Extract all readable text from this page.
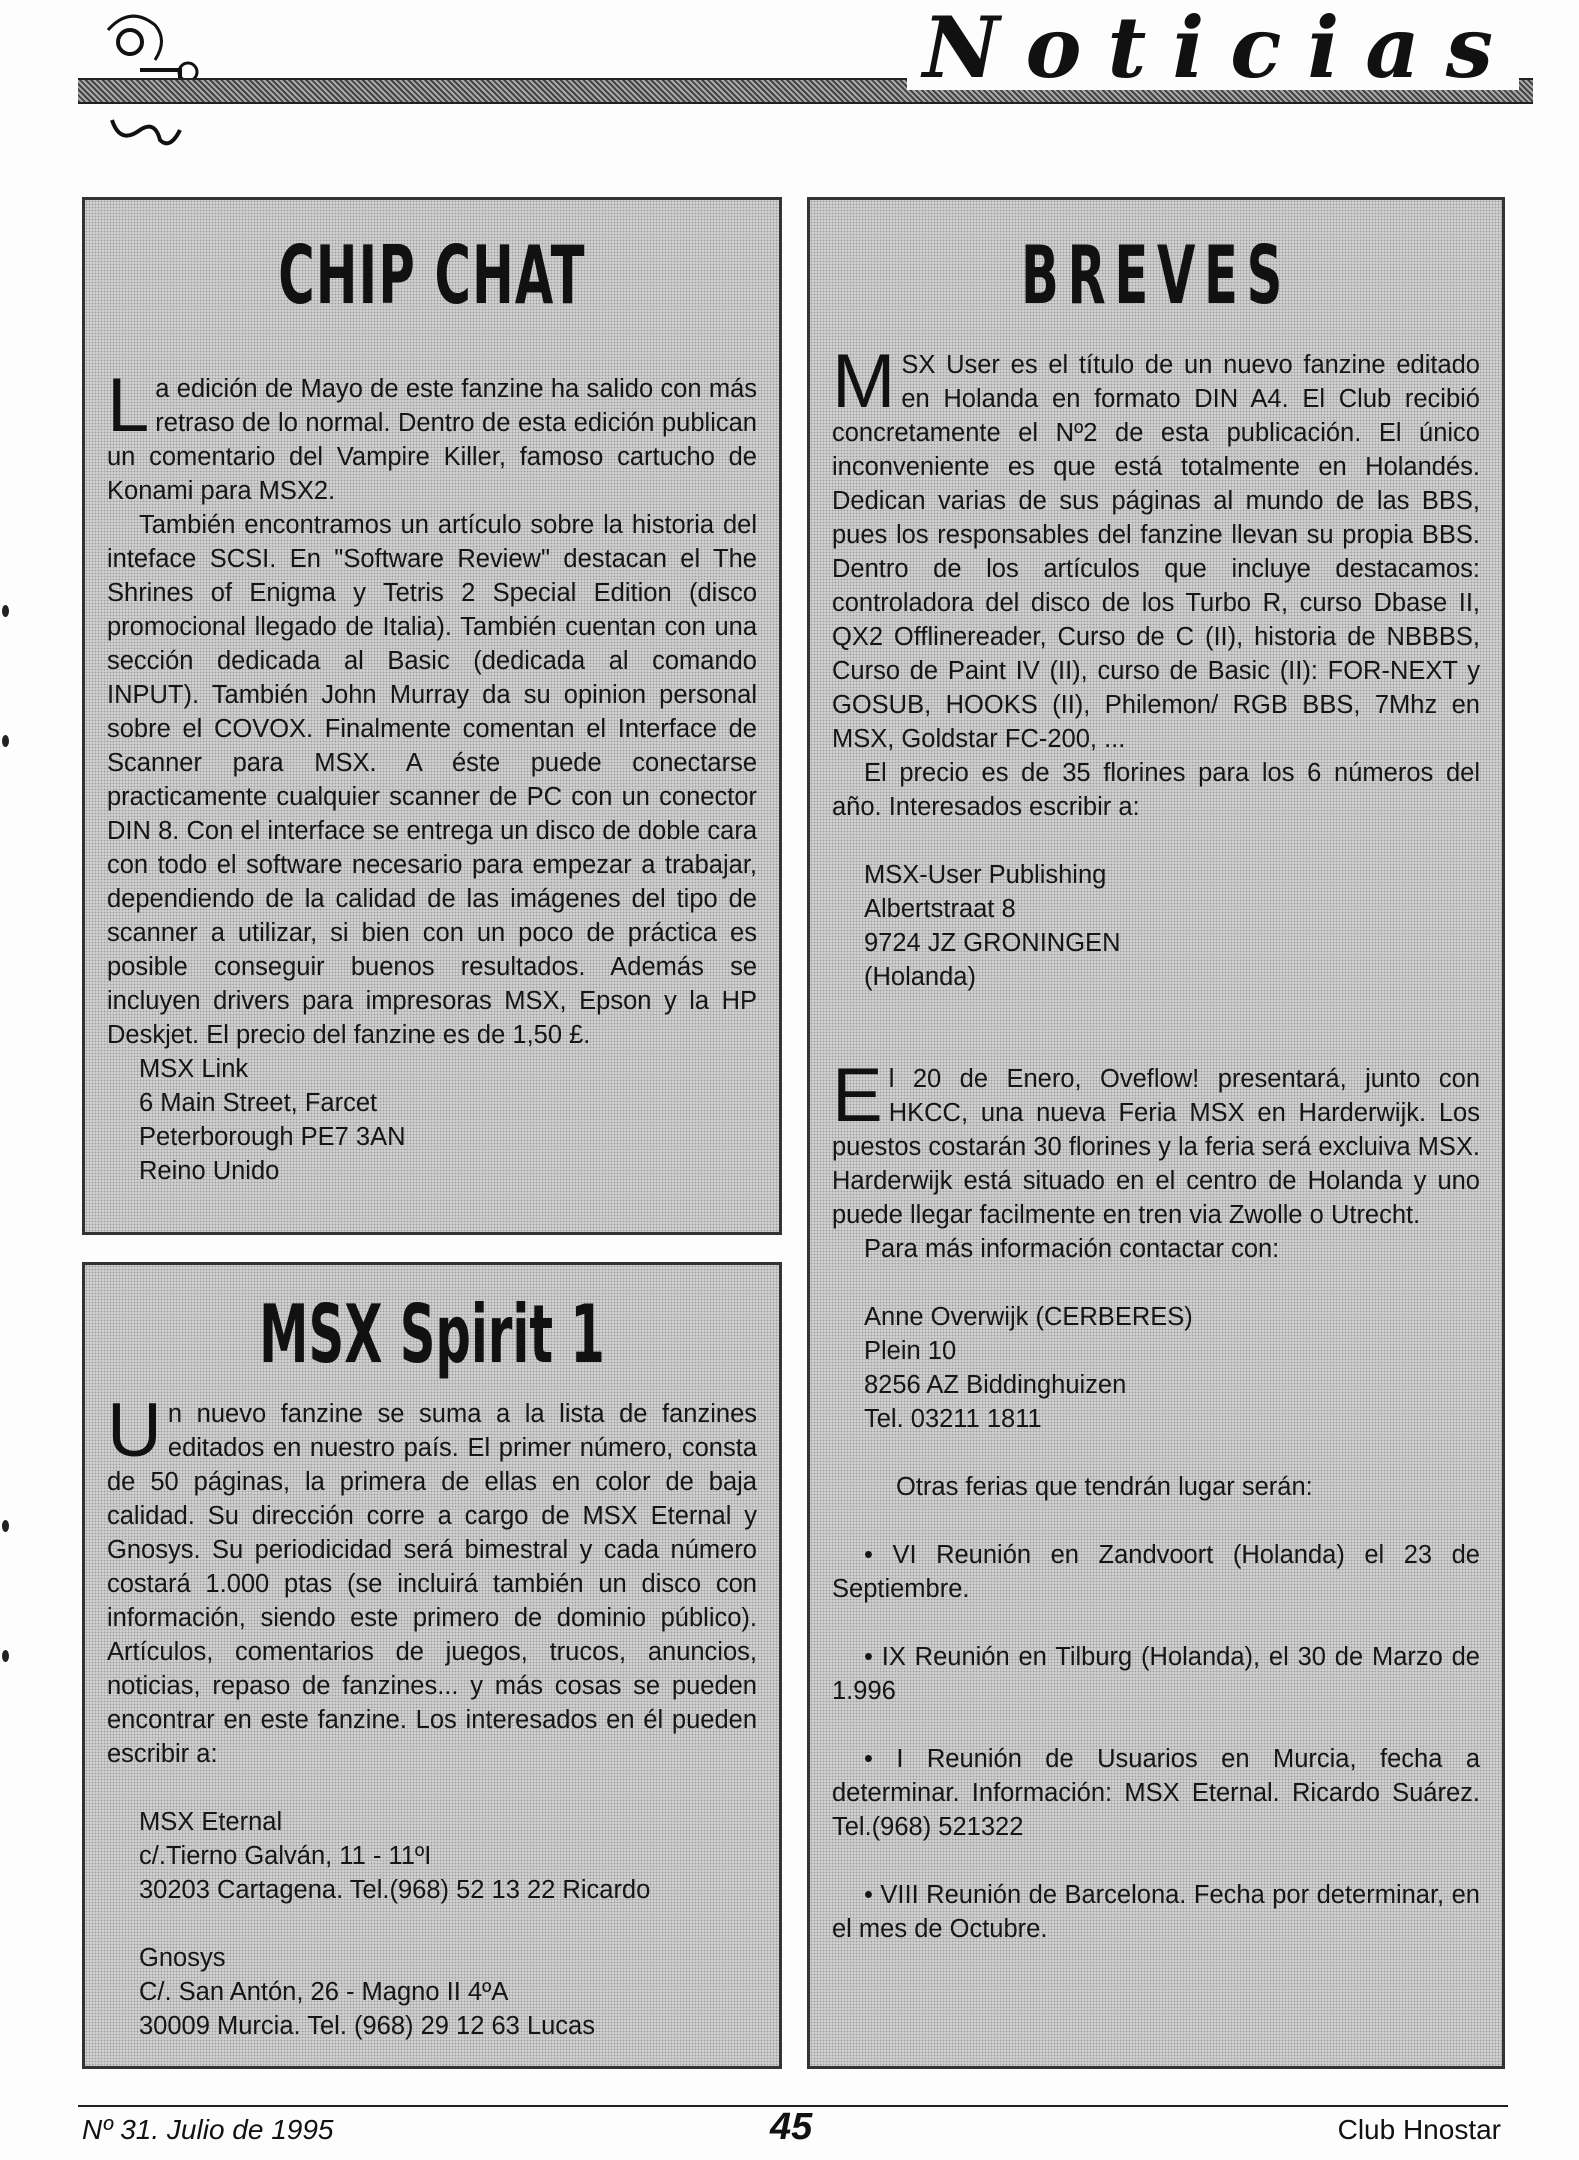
Noticias
CHIP CHAT

La edición de Mayo de este fanzine ha salido con más retraso de lo normal. Dentro de esta edición publican un comentario del Vampire Killer, famoso cartucho de Konami para MSX2.

También encontramos un artículo sobre la historia del inteface SCSI. En "Software Review" destacan el The Shrines of Enigma y Tetris 2 Special Edition (disco promocional llegado de Italia). También cuentan con una sección dedicada al Basic (dedicada al comando INPUT). También John Murray da su opinion personal sobre el COVOX. Finalmente comentan el Interface de Scanner para MSX. A éste puede conectarse practicamente cualquier scanner de PC con un conector DIN 8. Con el interface se entrega un disco de doble cara con todo el software necesario para empezar a trabajar, dependiendo de la calidad de las imágenes del tipo de scanner a utilizar, si bien con un poco de práctica es posible conseguir buenos resultados. Además se incluyen drivers para impresoras MSX, Epson y la HP Deskjet. El precio del fanzine es de 1,50 £.

MSX Link

6 Main Street, Farcet

Peterborough PE7 3AN

Reino Unido

MSX Spirit 1

Un nuevo fanzine se suma a la lista de fanzines editados en nuestro país. El primer número, consta de 50 páginas, la primera de ellas en color de baja calidad. Su dirección corre a cargo de MSX Eternal y Gnosys. Su periodicidad será bimestral y cada número costará 1.000 ptas (se incluirá también un disco con información, siendo este primero de dominio público). Artículos, comentarios de juegos, trucos, anuncios, noticias, repaso de fanzines... y más cosas se pueden encontrar en este fanzine. Los interesados en él pueden escribir a:

MSX Eternal

c/.Tierno Galván, 11 - 11ºI

30203 Cartagena. Tel.(968) 52 13 22 Ricardo

Gnosys

C/. San Antón, 26 - Magno II 4ºA

30009 Murcia. Tel. (968) 29 12 63 Lucas

BREVES

MSX User es el título de un nuevo fanzine editado en Holanda en formato DIN A4. El Club recibió concretamente el Nº2 de esta publicación. El único inconveniente es que está totalmente en Holandés. Dedican varias de sus páginas al mundo de las BBS, pues los responsables del fanzine llevan su propia BBS. Dentro de los artículos que incluye destacamos: controladora del disco de los Turbo R, curso Dbase II, QX2 Offlinereader, Curso de C (II), historia de NBBBS, Curso de Paint IV (II), curso de Basic (II): FOR-NEXT y GOSUB, HOOKS (II), Philemon/ RGB BBS, 7Mhz en MSX, Goldstar FC-200, ...

El precio es de 35 florines para los 6 números del año. Interesados escribir a:

MSX-User Publishing

Albertstraat 8

9724 JZ GRONINGEN

(Holanda)

El 20 de Enero, Oveflow! presentará, junto con HKCC, una nueva Feria MSX en Harderwijk. Los puestos costarán 30 florines y la feria será excluiva MSX. Harderwijk está situado en el centro de Holanda y uno puede llegar facilmente en tren via Zwolle o Utrecht.

Para más información contactar con:

Anne Overwijk (CERBERES)

Plein 10

8256 AZ Biddinghuizen

Tel. 03211 1811

Otras ferias que tendrán lugar serán:

• VI Reunión en Zandvoort (Holanda) el 23 de Septiembre.

• IX Reunión en Tilburg (Holanda), el 30 de Marzo de 1.996

• I Reunión de Usuarios en Murcia, fecha a determinar. Información: MSX Eternal. Ricardo Suárez. Tel.(968) 521322

• VIII Reunión de Barcelona. Fecha por determinar, en el mes de Octubre.

Nº 31. Julio de 1995	45	Club Hnostar
